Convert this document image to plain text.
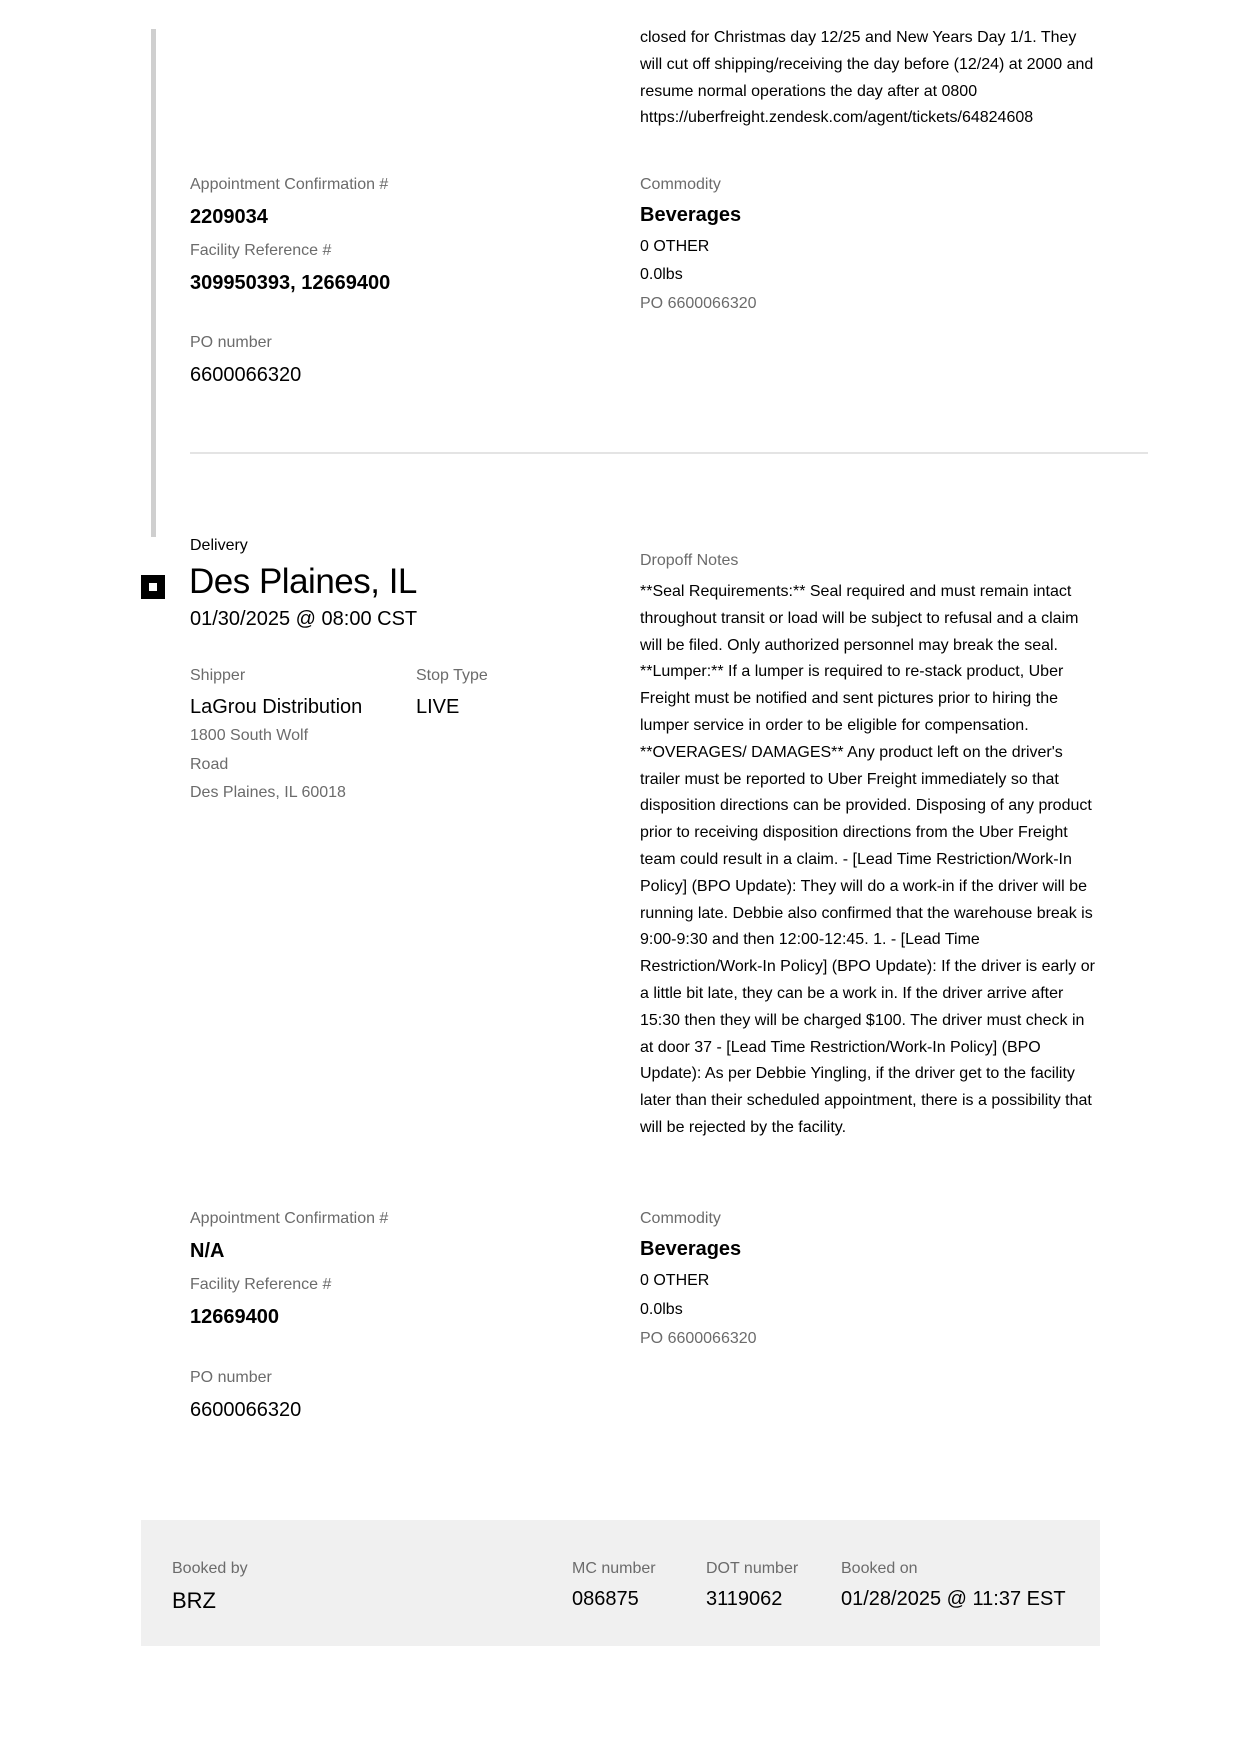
closed for Christmas day 12/25 and New Years Day 1/1. They will cut off shipping/receiving the day before (12/24) at 2000 and resume normal operations the day after at 0800 https://uberfreight.zendesk.com/agent/tickets/64824608
Appointment Confirmation #
2209034
Facility Reference #
309950393, 12669400
PO number
6600066320
Commodity
Beverages
0 OTHER
0.0lbs
PO 6600066320
Delivery
Des Plaines, IL
01/30/2025 @ 08:00 CST
Shipper
LaGrou Distribution
1800 South Wolf
Road
Des Plaines, IL 60018
Stop Type
LIVE
Dropoff Notes
**Seal Requirements:** Seal required and must remain intact throughout transit or load will be subject to refusal and a claim will be filed. Only authorized personnel may break the seal. **Lumper:** If a lumper is required to re-stack product, Uber Freight must be notified and sent pictures prior to hiring the lumper service in order to be eligible for compensation. **OVERAGES/ DAMAGES** Any product left on the driver's trailer must be reported to Uber Freight immediately so that disposition directions can be provided. Disposing of any product prior to receiving disposition directions from the Uber Freight team could result in a claim. - [Lead Time Restriction/Work-In Policy] (BPO Update): They will do a work-in if the driver will be running late. Debbie also confirmed that the warehouse break is 9:00-9:30 and then 12:00-12:45. 1. - [Lead Time Restriction/Work-In Policy] (BPO Update): If the driver is early or a little bit late, they can be a work in. If the driver arrive after 15:30 then they will be charged $100. The driver must check in at door 37 - [Lead Time Restriction/Work-In Policy] (BPO Update): As per Debbie Yingling, if the driver get to the facility later than their scheduled appointment, there is a possibility that will be rejected by the facility.
Appointment Confirmation #
N/A
Facility Reference #
12669400
PO number
6600066320
Commodity
Beverages
0 OTHER
0.0lbs
PO 6600066320
Booked by
BRZ
MC number
086875
DOT number
3119062
Booked on
01/28/2025 @ 11:37 EST
